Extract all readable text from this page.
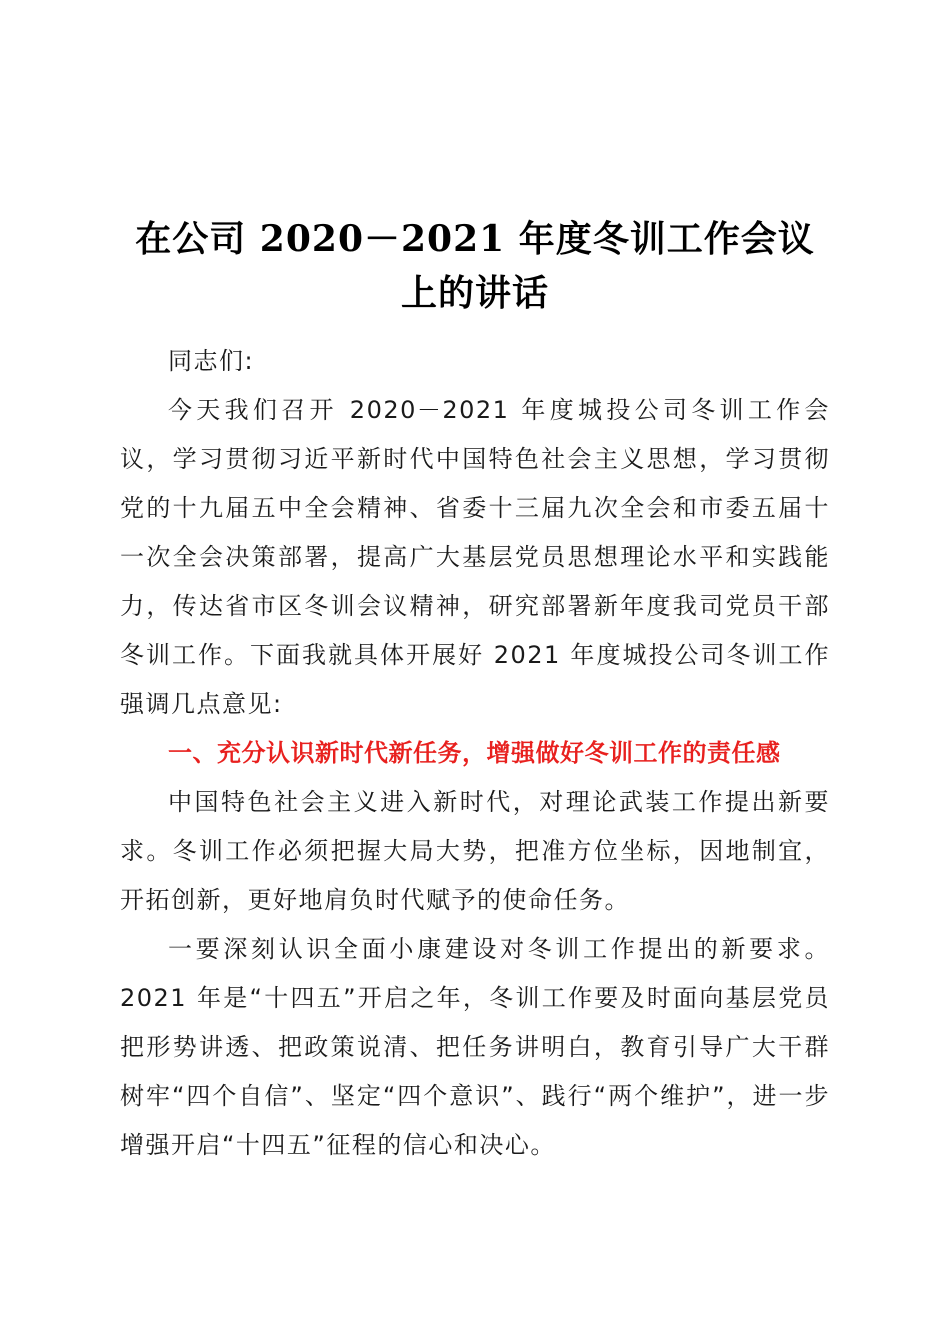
在公司 2020－2021 年度冬训工作会议上的讲话

同志们:

今天我们召开 2020－2021 年度城投公司冬训工作会议，学习贯彻习近平新时代中国特色社会主义思想，学习贯彻党的十九届五中全会精神、省委十三届九次全会和市委五届十一次全会决策部署，提高广大基层党员思想理论水平和实践能力，传达省市区冬训会议精神，研究部署新年度我司党员干部冬训工作。下面我就具体开展好 2021 年度城投公司冬训工作强调几点意见:

一、充分认识新时代新任务，增强做好冬训工作的责任感

中国特色社会主义进入新时代，对理论武装工作提出新要求。冬训工作必须把握大局大势，把准方位坐标，因地制宜，开拓创新，更好地肩负时代赋予的使命任务。

一要深刻认识全面小康建设对冬训工作提出的新要求。2021 年是“十四五”开启之年，冬训工作要及时面向基层党员把形势讲透、把政策说清、把任务讲明白，教育引导广大干群树牢“四个自信”、坚定“四个意识”、践行“两个维护”，进一步增强开启“十四五”征程的信心和决心。
